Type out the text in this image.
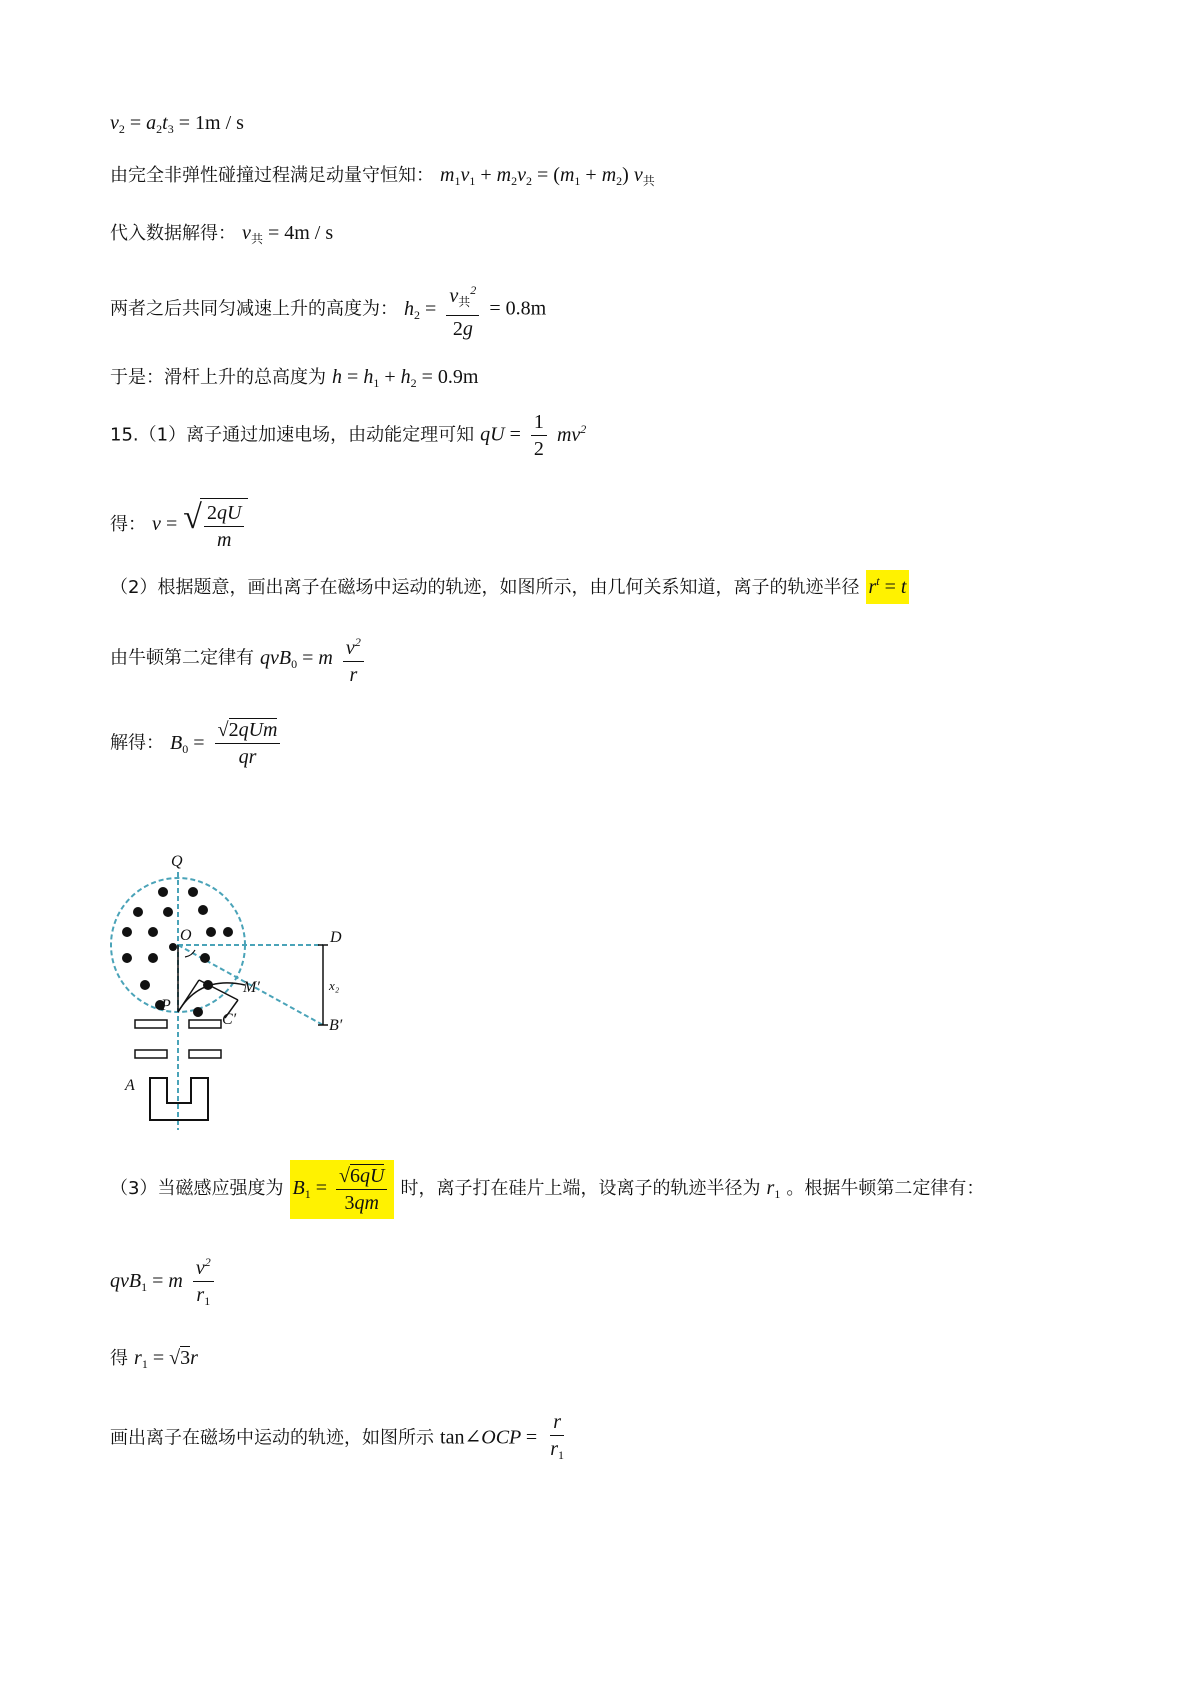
$v_2 = a_2t_3 = 1m / s$
由完全非弹性碰撞过程满足动量守恒知： $m_1v_1 + m_2v_2 = (m_1 + m_2)$ $v_共$
代入数据解得： $v_共 = 4m / s$
两者之后共同匀减速上升的高度为： $h_2 = \frac{v_共^2}{2g} = 0.8m$
于是：滑杆上升的总高度为 $h = h_1 + h_2 = 0.9m$
15.（1）离子通过加速电场，由动能定理可知 qU = $\frac{1}{2} mv^2$
得： v = √ $\frac{2qU}{m}$
（2）根据题意，画出离子在磁场中运动的轨迹，如图所示，由几何关系知道，离子的轨迹半径 $r^t = t$
由牛顿第二定律有 qvB$_0$ = m $\frac{v^2}{r}$
解得： $B_0 = \frac{\text{√2qUm}}{qr}$
Q
O	D
M′	x₂
P
C′	B′
A
（3）当磁感应强度为 $B_1 = \frac{√6qU}{3qm}$ 时，离子打在硅片上端，设离子的轨迹半径为 $r_1$ 。根据牛顿第二定律有：
qvB$_1$ = m $\frac{v^2}{r_1}$
得 $r_1 = √3r$
画出离子在磁场中运动的轨迹，如图所示 tan∠OCP = $\frac{r}{r_1}$
